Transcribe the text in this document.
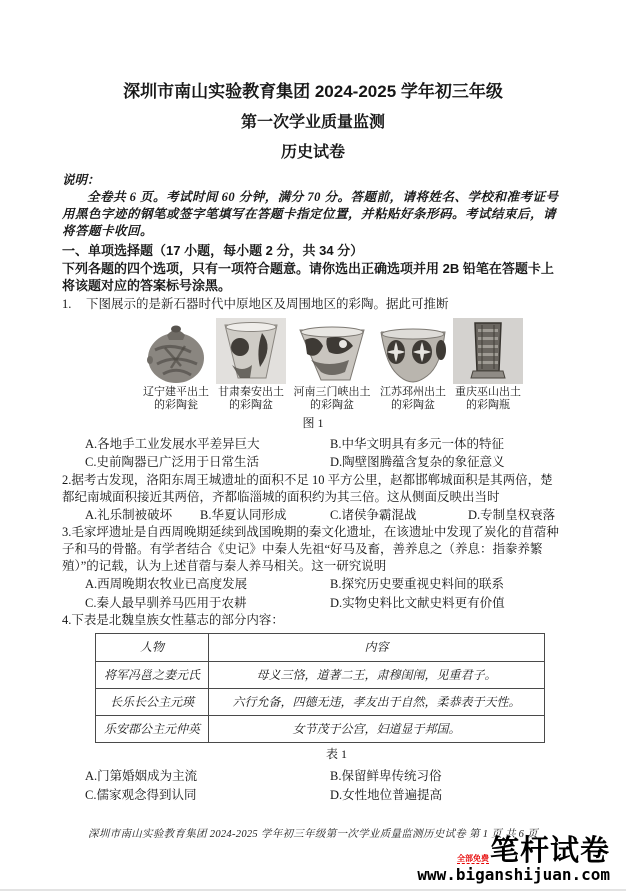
深圳市南山实验教育集团 2024-2025 学年初三年级
第一次学业质量监测
历史试卷
说明：
全卷共 6 页。考试时间 60 分钟，满分 70 分。答题前，请将姓名、学校和准考证号用黑色字迹的钢笔或签字笔填写在答题卡指定位置，并粘贴好条形码。考试结束后，请将答题卡收回。
一、单项选择题（17 小题，每小题 2 分，共 34 分）
下列各题的四个选项，只有一项符合题意。请你选出正确选项并用 2B 铅笔在答题卡上将该题对应的答案标号涂黑。
1.	下图展示的是新石器时代中原地区及周围地区的彩陶。据此可推断
辽宁建平出土的彩陶瓮
甘肃秦安出土的彩陶盆
河南三门峡出土的彩陶盆
江苏邳州出土的彩陶盆
重庆巫山出土的彩陶瓶
图 1
A.各地手工业发展水平差异巨大	B.中华文明具有多元一体的特征
C.史前陶器已广泛用于日常生活	D.陶壁图腾蕴含复杂的象征意义
2.据考古发现，洛阳东周王城遗址的面积不足 10 平方公里，赵都邯郸城面积是其两倍，楚都纪南城面积接近其两倍，齐都临淄城的面积约为其三倍。这从侧面反映出当时
A.礼乐制被破坏	B.华夏认同形成	C.诸侯争霸混战	D.专制皇权衰落
3.毛家坪遗址是自西周晚期延续到战国晚期的秦文化遗址，在该遗址中发现了炭化的苜蓿种子和马的骨骼。有学者结合《史记》中秦人先祖“好马及畜，善养息之（养息：指豢养繁殖）”的记载，认为上述苜蓿与秦人养马相关。这一研究说明
A.西周晚期农牧业已高度发展	B.探究历史要重视史料间的联系
C.秦人最早驯养马匹用于农耕	D.实物史料比文献史料更有价值
4.下表是北魏皇族女性墓志的部分内容：
人物	内容
将军冯邕之妻元氏	母义三恪，道著二王，肃穆闺闱，见重君子。
长乐长公主元瑛	六行允备，四德无违，孝友出于自然，柔恭表于天性。
乐安郡公主元仲英	女节茂于公宫，妇道显于邦国。
表 1
A.门第婚姻成为主流	B.保留鲜卑传统习俗
C.儒家观念得到认同	D.女性地位普遍提高
深圳市南山实验教育集团 2024-2025 学年初三年级第一次学业质量监测历史试卷 第 1 页 共 6 页
全部免费 笔杆试卷
www.biganshijuan.com
